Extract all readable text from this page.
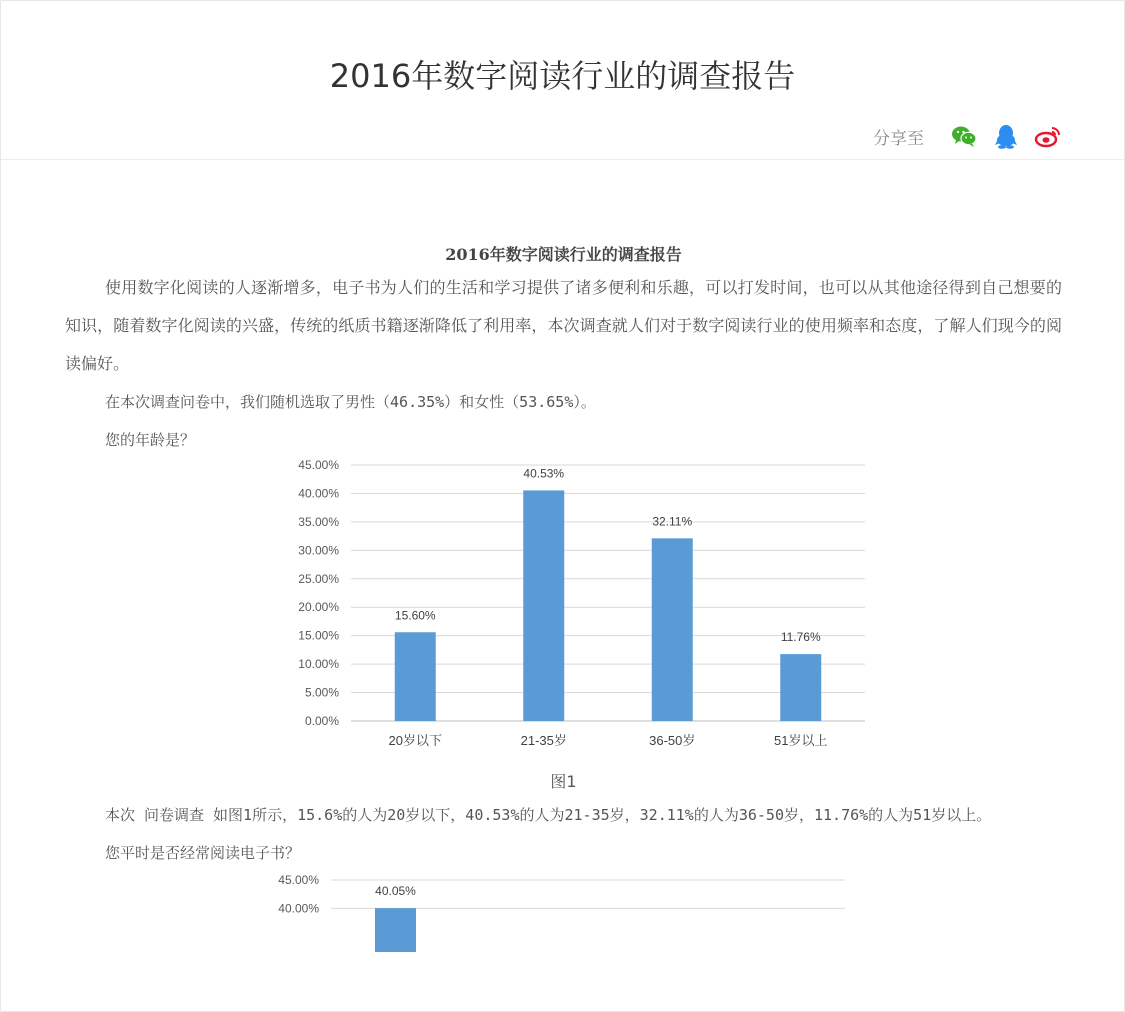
2016年数字阅读行业的调查报告
分享至
2016年数字阅读行业的调查报告

使用数字化阅读的人逐渐增多，电子书为人们的生活和学习提供了诸多便利和乐趣，可以打发时间，也可以从其他途径得到自己想要的知识，随着数字化阅读的兴盛，传统的纸质书籍逐渐降低了利用率，本次调查就人们对于数字阅读行业的使用频率和态度，了解人们现今的阅读偏好。

在本次调查问卷中，我们随机选取了男性（46.35%）和女性（53.65%）。

您的年龄是？

0.00%
5.00%
10.00%
15.00%
20.00%
25.00%
30.00%
35.00%
40.00%
45.00%
15.60%
20岁以下
40.53%
21-35岁
32.11%
36-50岁
11.76%
51岁以上
图1

本次 问卷调查 如图1所示，15.6%的人为20岁以下，40.53%的人为21-35岁，32.11%的人为36-50岁，11.76%的人为51岁以上。

您平时是否经常阅读电子书？

45.00%
40.00%
40.05%
